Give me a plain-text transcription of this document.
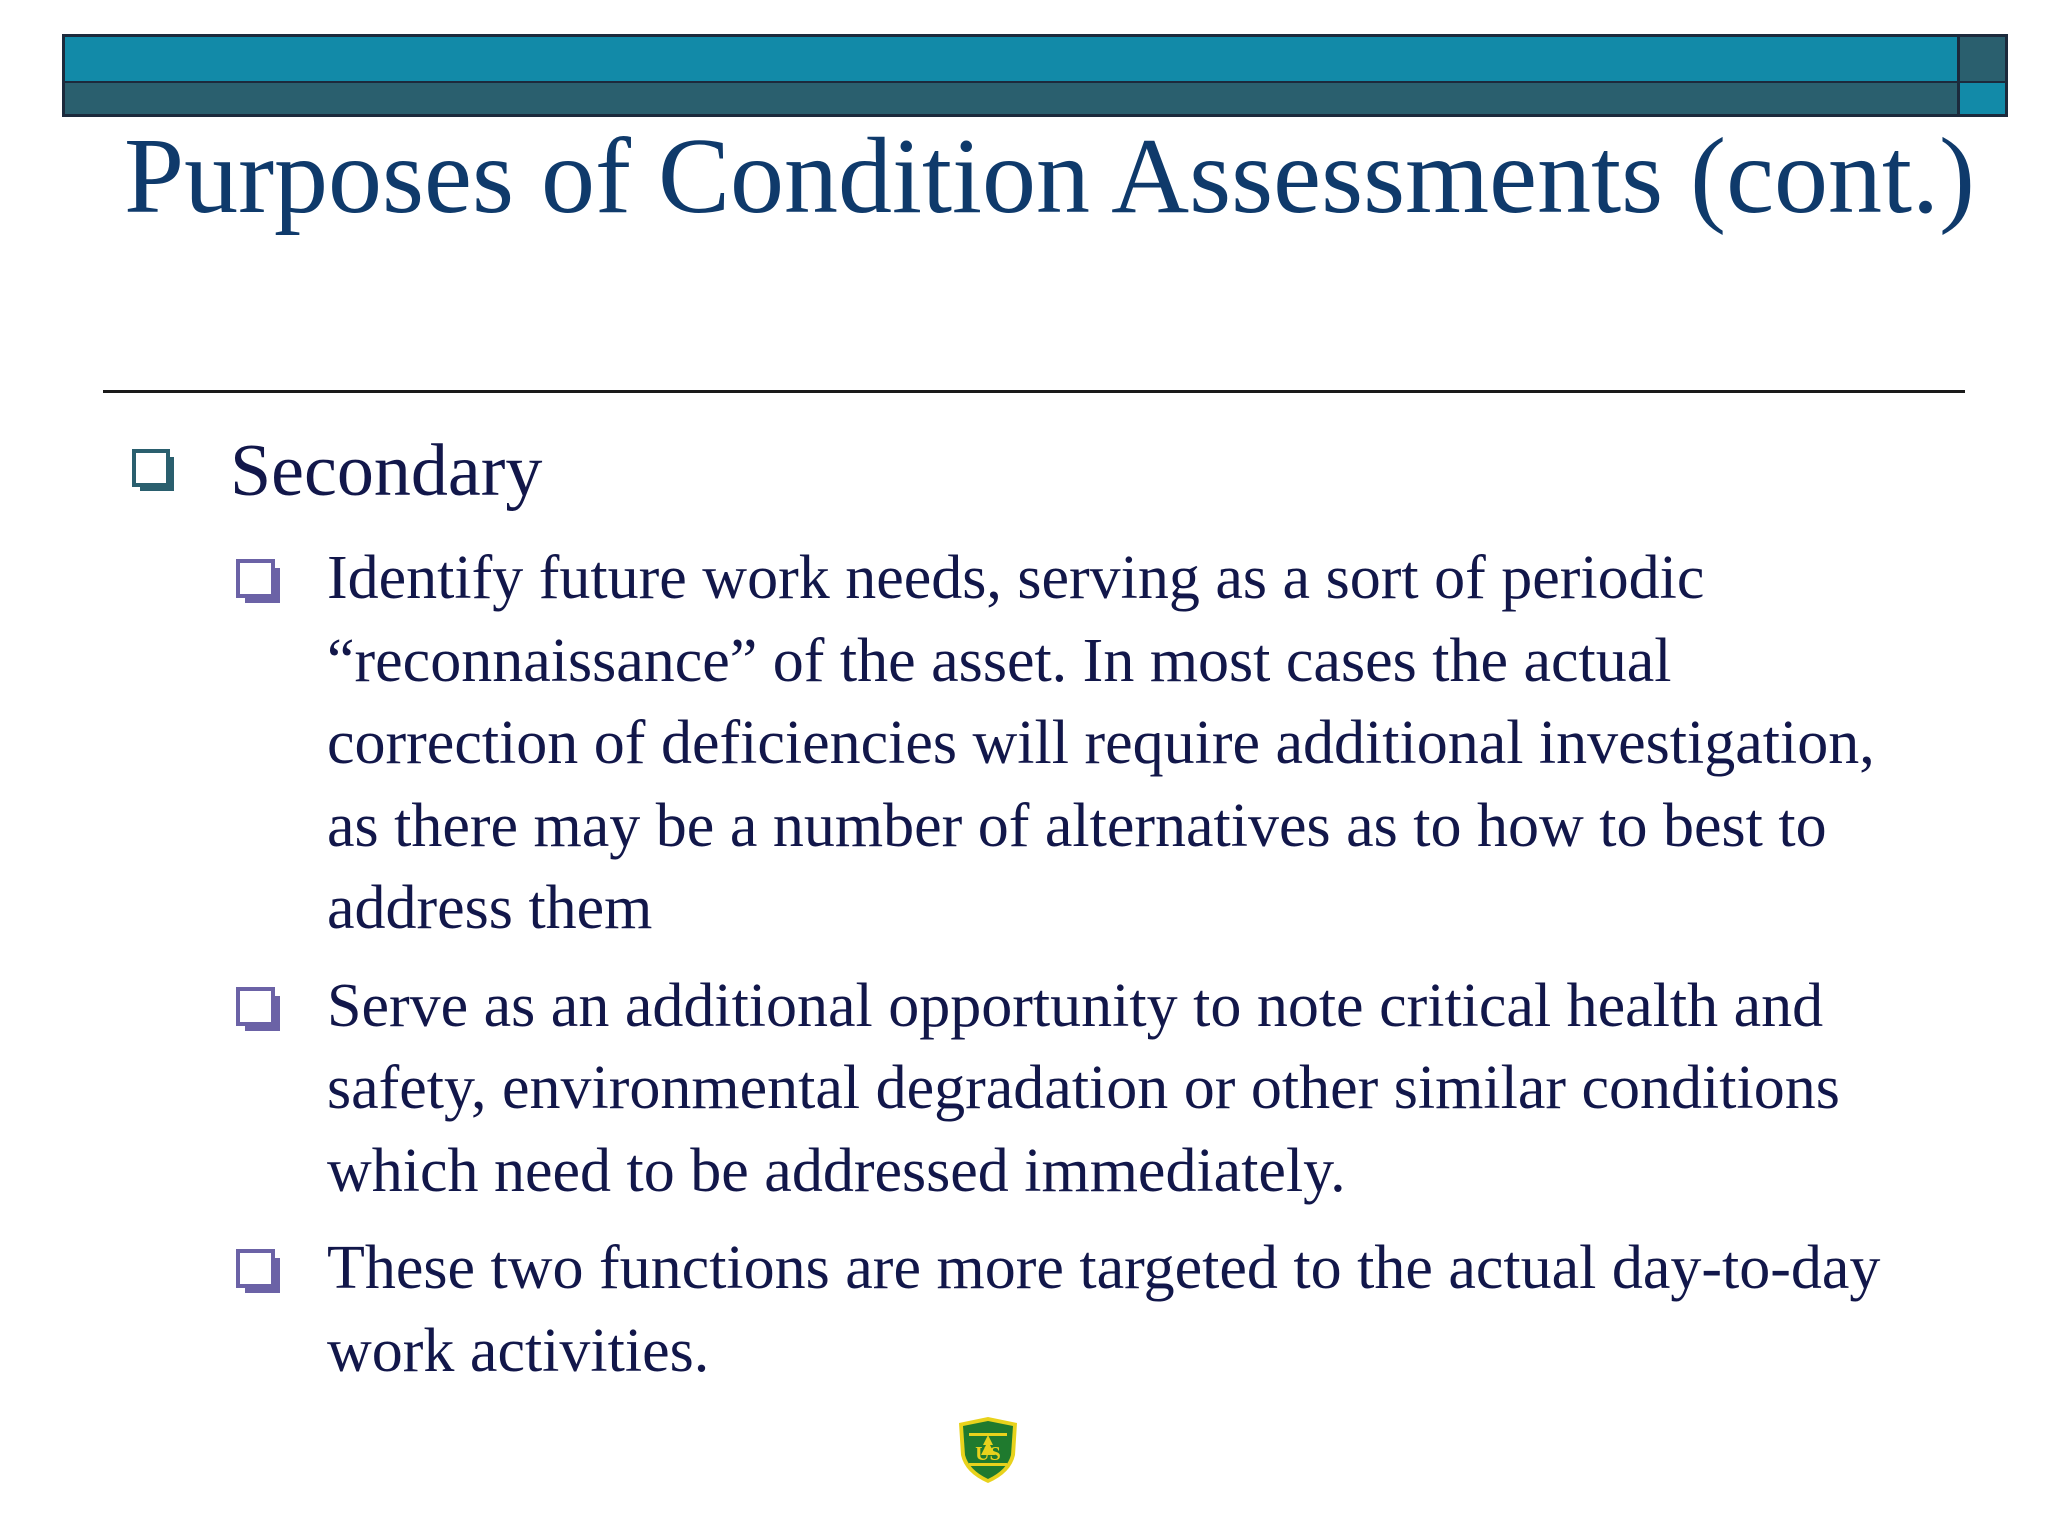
Purposes of Condition Assessments (cont.)
Secondary
Identify future work needs, serving as a sort of periodic “reconnaissance” of the asset. In most cases the actual correction of deficiencies will require additional investigation, as there may be a number of alternatives as to how to best to address them
Serve as an additional opportunity to note critical health and safety, environmental degradation or other similar conditions which need to be addressed immediately.
These two functions are more targeted to the actual day-to-day work activities.
US
